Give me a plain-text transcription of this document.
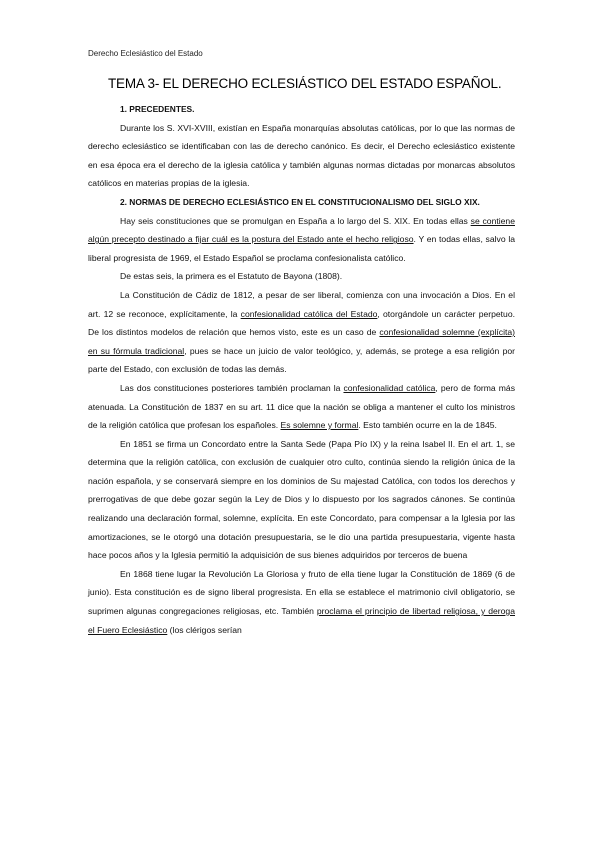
Derecho Eclesiástico del Estado
TEMA 3- EL DERECHO ECLESIÁSTICO DEL ESTADO ESPAÑOL.

1. PRECEDENTES.

Durante los S. XVI-XVIII, existían en España monarquías absolutas católicas, por lo que las normas de derecho eclesiástico se identificaban con las de derecho canónico. Es decir, el Derecho eclesiástico existente en esa época era el derecho de la iglesia católica y también algunas normas dictadas por monarcas absolutos católicos en materias propias de la iglesia.

2. NORMAS DE DERECHO ECLESIÁSTICO EN EL CONSTITUCIONALISMO DEL SIGLO XIX.

Hay seis constituciones que se promulgan en España a lo largo del S. XIX. En todas ellas se contiene algún precepto destinado a fijar cuál es la postura del Estado ante el hecho religioso. Y en todas ellas, salvo la liberal progresista de 1969, el Estado Español se proclama confesionalista católico.

De estas seis, la primera es el Estatuto de Bayona (1808).

La Constitución de Cádiz de 1812, a pesar de ser liberal, comienza con una invocación a Dios. En el art. 12 se reconoce, explícitamente, la confesionalidad católica del Estado, otorgándole un carácter perpetuo. De los distintos modelos de relación que hemos visto, este es un caso de confesionalidad solemne (explícita) en su fórmula tradicional, pues se hace un juicio de valor teológico, y, además, se protege a esa religión por parte del Estado, con exclusión de todas las demás.

Las dos constituciones posteriores también proclaman la confesionalidad católica, pero de forma más atenuada. La Constitución de 1837 en su art. 11 dice que la nación se obliga a mantener el culto los ministros de la religión católica que profesan los españoles. Es solemne y formal. Esto también ocurre en la de 1845.

En 1851 se firma un Concordato entre la Santa Sede (Papa Pío IX) y la reina Isabel II. En el art. 1, se determina que la religión católica, con exclusión de cualquier otro culto, continúa siendo la religión única de la nación española, y se conservará siempre en los dominios de Su majestad Católica, con todos los derechos y prerrogativas de que debe gozar según la Ley de Dios y lo dispuesto por los sagrados cánones. Se continúa realizando una declaración formal, solemne, explícita. En este Concordato, para compensar a la Iglesia por las amortizaciones, se le otorgó una dotación presupuestaria, se le dio una partida presupuestaria, vigente hasta hace pocos años y la Iglesia permitió la adquisición de sus bienes adquiridos por terceros de buena

En 1868 tiene lugar la Revolución La Gloriosa y fruto de ella tiene lugar la Constitución de 1869 (6 de junio). Esta constitución es de signo liberal progresista. En ella se establece el matrimonio civil obligatorio, se suprimen algunas congregaciones religiosas, etc. También proclama el principio de libertad religiosa, y deroga el Fuero Eclesiástico (los clérigos serían
